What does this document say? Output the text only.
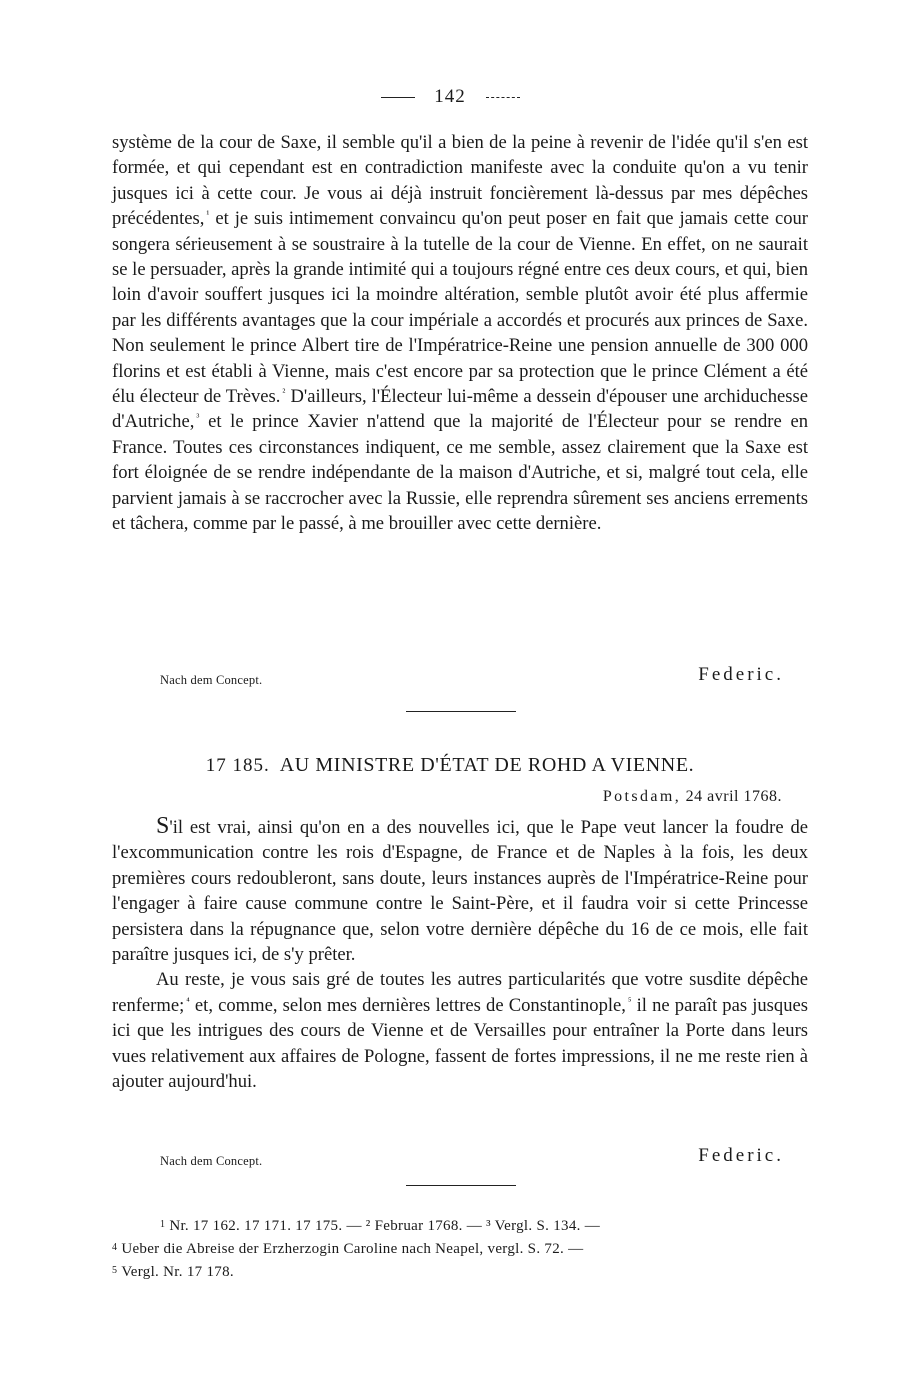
142

système de la cour de Saxe, il semble qu'il a bien de la peine à revenir de l'idée qu'il s'en est formée, et qui cependant est en contradiction manifeste avec la conduite qu'on a vu tenir jusques ici à cette cour. Je vous ai déjà instruit foncièrement là-dessus par mes dépêches précédentes, $^{^1}$ et je suis intimement convaincu qu'on peut poser en fait que jamais cette cour songera sérieusement à se soustraire à la tutelle de la cour de Vienne. En effet, on ne saurait se le persuader, après la grande intimité qui a toujours régné entre ces deux cours, et qui, bien loin d'avoir souffert jusques ici la moindre altération, semble plutôt avoir été plus affermie par les différents avantages que la cour impériale a accordés et procurés aux princes de Saxe. Non seulement le prince Albert tire de l'Impératrice-Reine une pension annuelle de 300 000 florins et est établi à Vienne, mais c'est encore par sa protection que le prince Clément a été élu électeur de Trèves. $^{^2}$ D'ailleurs, l'Électeur lui-même a dessein d'épouser une archiduchesse d'Autriche, $^{^3}$ et le prince Xavier n'attend que la majorité de l'Électeur pour se rendre en France. Toutes ces circonstances indiquent, ce me semble, assez clairement que la Saxe est fort éloignée de se rendre indépendante de la maison d'Autriche, et si, malgré tout cela, elle parvient jamais à se raccrocher avec la Russie, elle reprendra sûrement ses anciens errements et tâchera, comme par le passé, à me brouiller avec cette dernière.

Nach dem Concept.	Federic.
17 185. AU MINISTRE D'ÉTAT DE ROHD A VIENNE.
Potsdam, 24 avril 1768.

S'il est vrai, ainsi qu'on en a des nouvelles ici, que le Pape veut lancer la foudre de l'excommunication contre les rois d'Espagne, de France et de Naples à la fois, les deux premières cours redoubleront, sans doute, leurs instances auprès de l'Impératrice-Reine pour l'engager à faire cause commune contre le Saint-Père, et il faudra voir si cette Princesse persistera dans la répugnance que, selon votre dernière dépêche du 16 de ce mois, elle fait paraître jusques ici, de s'y prêter.

Au reste, je vous sais gré de toutes les autres particularités que votre susdite dépêche renferme; $^{^4}$ et, comme, selon mes dernières lettres de Constantinople, $^{^5}$ il ne paraît pas jusques ici que les intrigues des cours de Vienne et de Versailles pour entraîner la Porte dans leurs vues relativement aux affaires de Pologne, fassent de fortes impressions, il ne me reste rien à ajouter aujourd'hui.

Nach dem Concept.	Federic.

$^1$ Nr. 17 162. 17 171. 17 175. — ² Februar 1768. — ³ Vergl. S. 134. —

$^4$ Ueber die Abreise der Erzherzogin Caroline nach Neapel, vergl. S. 72. —

$^5$ Vergl. Nr. 17 178.
